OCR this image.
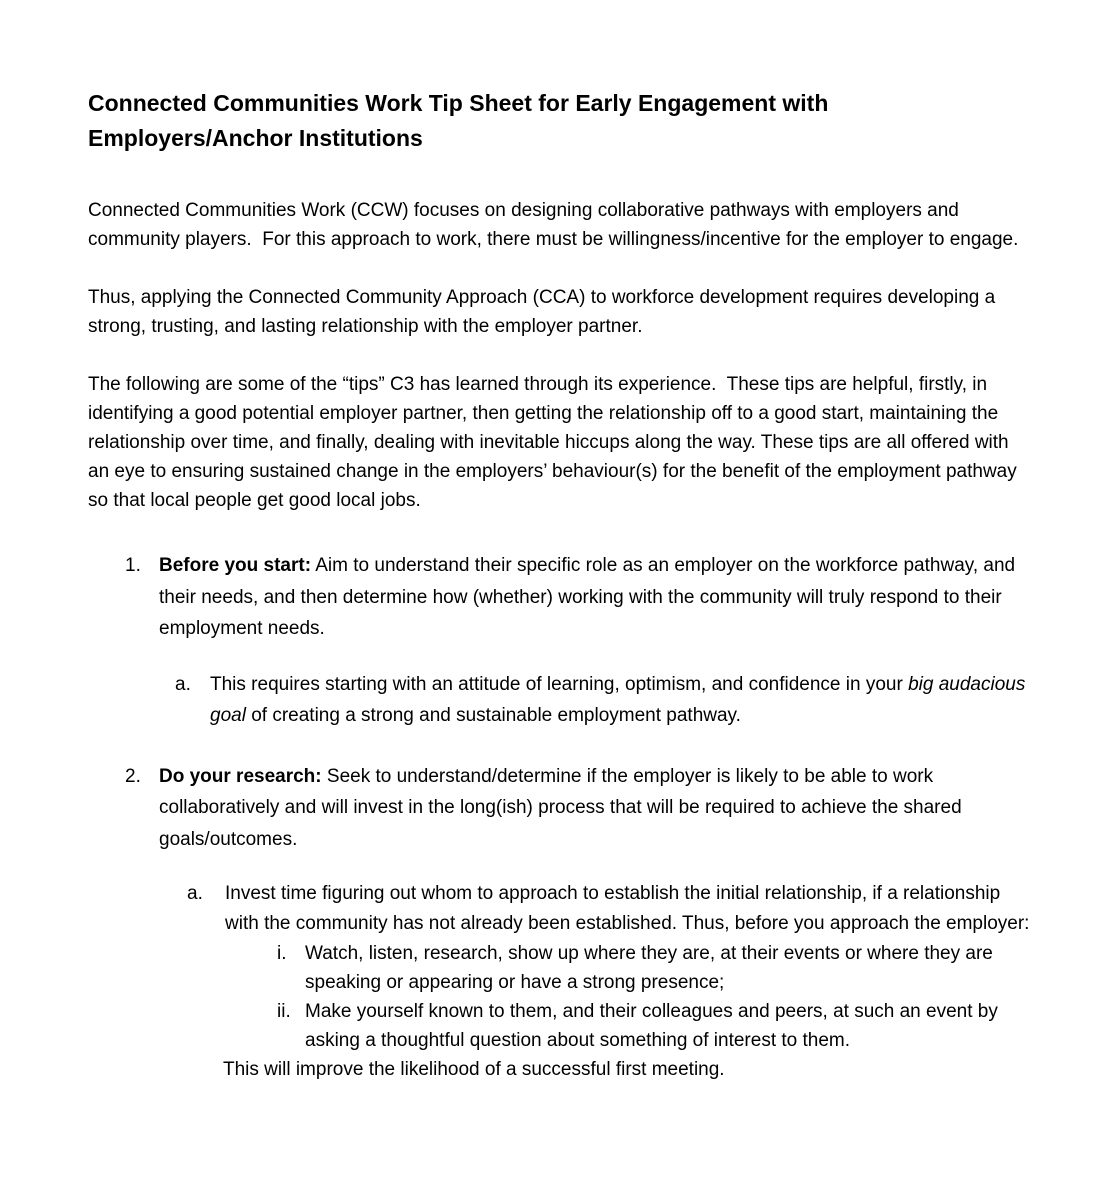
Connected Communities Work Tip Sheet for Early Engagement with Employers/Anchor Institutions

Connected Communities Work (CCW) focuses on designing collaborative pathways with employers and community players.  For this approach to work, there must be willingness/incentive for the employer to engage.

Thus, applying the Connected Community Approach (CCA) to workforce development requires developing a strong, trusting, and lasting relationship with the employer partner.

The following are some of the “tips” C3 has learned through its experience.  These tips are helpful, firstly, in identifying a good potential employer partner, then getting the relationship off to a good start, maintaining the relationship over time, and finally, dealing with inevitable hiccups along the way. These tips are all offered with an eye to ensuring sustained change in the employers’ behaviour(s) for the benefit of the employment pathway so that local people get good local jobs.

1. Before you start: Aim to understand their specific role as an employer on the workforce pathway, and their needs, and then determine how (whether) working with the community will truly respond to their employment needs.
a.	This requires starting with an attitude of learning, optimism, and confidence in your big audacious goal of creating a strong and sustainable employment pathway.
2. Do your research: Seek to understand/determine if the employer is likely to be able to work collaboratively and will invest in the long(ish) process that will be required to achieve the shared goals/outcomes.
a.	Invest time figuring out whom to approach to establish the initial relationship, if a relationship with the community has not already been established. Thus, before you approach the employer:
i. Watch, listen, research, show up where they are, at their events or where they are speaking or appearing or have a strong presence;
ii. Make yourself known to them, and their colleagues and peers, at such an event by asking a thoughtful question about something of interest to them.
This will improve the likelihood of a successful first meeting.
